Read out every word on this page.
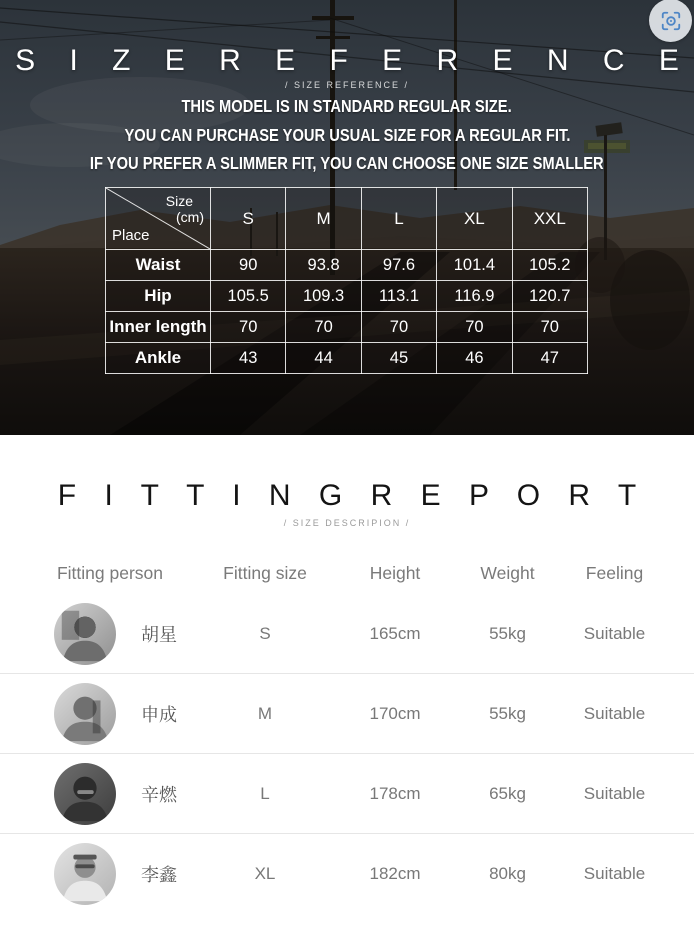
S I Z E R E F E R E N C E
/ SIZE REFERENCE /

THIS MODEL IS IN STANDARD REGULAR SIZE.

YOU CAN PURCHASE YOUR USUAL SIZE FOR A REGULAR FIT.

IF YOU PREFER A SLIMMER FIT, YOU CAN CHOOSE ONE SIZE SMALLER

Size
(cm)
Place	S	M	L	XL	XXL
Waist	90	93.8	97.6	101.4	105.2
Hip	105.5	109.3	113.1	116.9	120.7
Inner length	70	70	70	70	70
Ankle	43	44	45	46	47
F I T T I N G R E P O R T
/ SIZE DESCRIPION /
Fitting person	Fitting size	Height	Weight	Feeling
胡星	S	165cm	55kg	Suitable
申成	M	170cm	55kg	Suitable
辛燃	L	178cm	65kg	Suitable
李鑫	XL	182cm	80kg	Suitable
